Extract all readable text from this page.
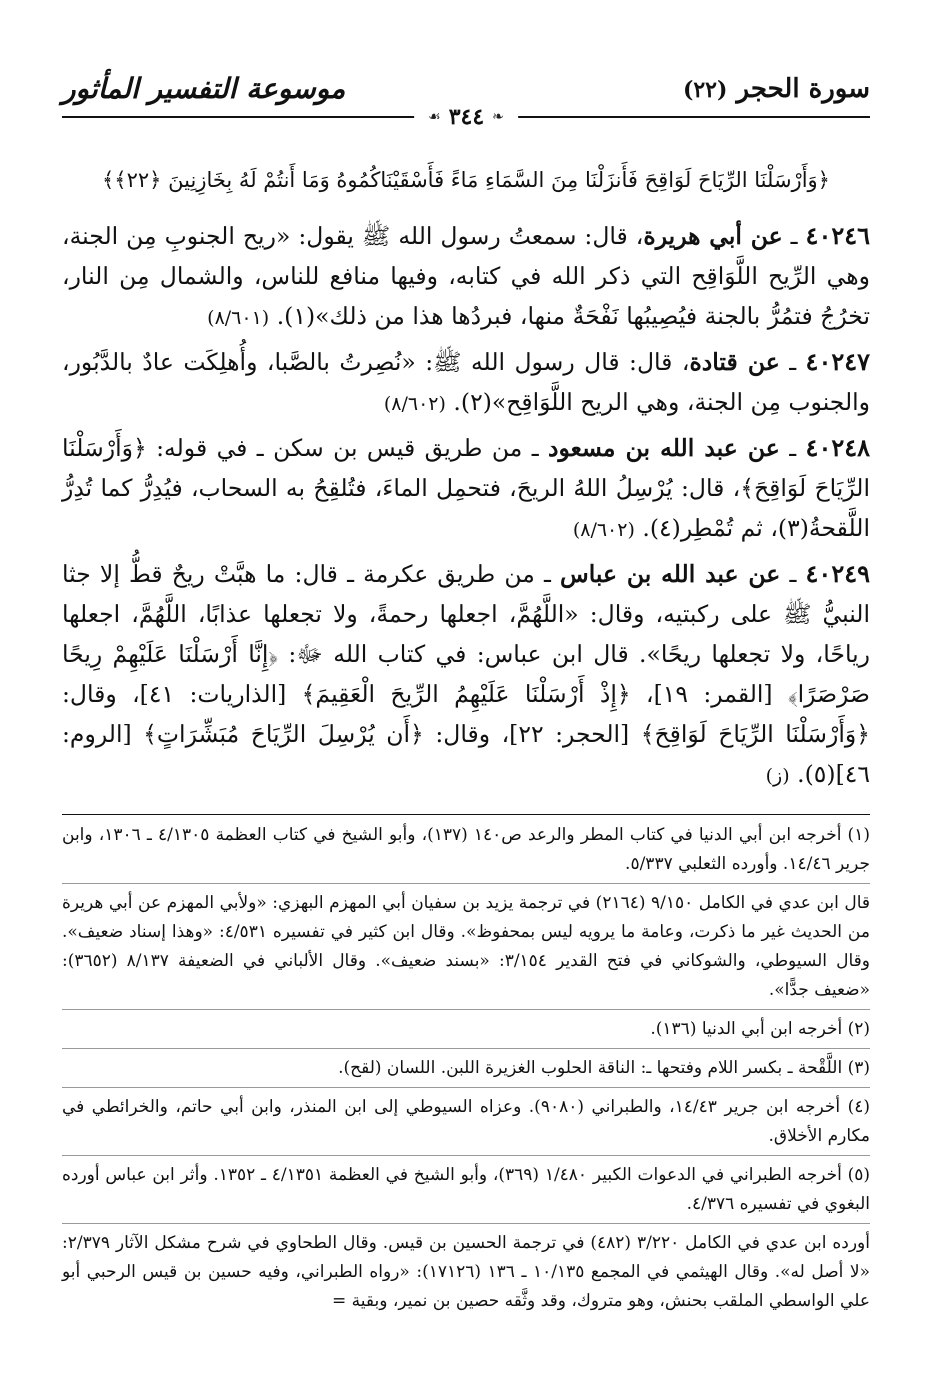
سورة الحجر (٢٢)
موسوعة التفسير المأثور
❧
٣٤٤
☙
﴿وَأَرْسَلْنَا الرِّيَاحَ لَوَاقِحَ فَأَنزَلْنَا مِنَ السَّمَاءِ مَاءً فَأَسْقَيْنَاكُمُوهُ وَمَا أَنتُمْ لَهُ بِخَازِنِينَ ﴿٢٢﴾﴾
٤٠٢٤٦ ـ عن أبي هريرة، قال: سمعتُ رسول الله ﷺ يقول: «ريح الجنوبِ مِن الجنة، وهي الرِّيح اللَّوَاقِح التي ذكر الله في كتابه، وفيها منافع للناس، والشمال مِن النار، تخرُجُ فتمُرُّ بالجنة فيُصِيبُها نَفْحَةٌ منها، فبردُها هذا من ذلك»(١). (٨/٦٠١)
٤٠٢٤٧ ـ عن قتادة، قال: قال رسول الله ﷺ: «نُصِرتُ بالصَّبا، وأُهلِكَت عادٌ بالدَّبُور، والجنوب مِن الجنة، وهي الريح اللَّوَاقِح»(٢). (٨/٦٠٢)
٤٠٢٤٨ ـ عن عبد الله بن مسعود ـ من طريق قيس بن سكن ـ في قوله: ﴿وَأَرْسَلْنَا الرِّيَاحَ لَوَاقِحَ﴾، قال: يُرْسِلُ اللهُ الريحَ، فتحمِل الماءَ، فتُلقِحُ به السحاب، فيُدِرُّ كما تُدِرُّ اللَّقحةُ(٣)، ثم تُمْطِر(٤). (٨/٦٠٢)
٤٠٢٤٩ ـ عن عبد الله بن عباس ـ من طريق عكرمة ـ قال: ما هبَّتْ ريحٌ قطُّ إلا جثا النبيُّ ﷺ على ركبتيه، وقال: «اللَّهُمَّ، اجعلها رحمةً، ولا تجعلها عذابًا، اللَّهُمَّ، اجعلها رياحًا، ولا تجعلها ريحًا». قال ابن عباس: في كتاب الله ﷻ: ﴿إِنَّا أَرْسَلْنَا عَلَيْهِمْ رِيحًا صَرْصَرًا﴾ [القمر: ١٩]، ﴿إِذْ أَرْسَلْنَا عَلَيْهِمُ الرِّيحَ الْعَقِيمَ﴾ [الذاريات: ٤١]، وقال: ﴿وَأَرْسَلْنَا الرِّيَاحَ لَوَاقِحَ﴾ [الحجر: ٢٢]، وقال: ﴿أَن يُرْسِلَ الرِّيَاحَ مُبَشِّرَاتٍ﴾ [الروم: ٤٦](٥). (ز)
(١) أخرجه ابن أبي الدنيا في كتاب المطر والرعد ص١٤٠ (١٣٧)، وأبو الشيخ في كتاب العظمة ٤/١٣٠٥ ـ ١٣٠٦، وابن جرير ١٤/٤٦. وأورده الثعلبي ٥/٣٣٧.
قال ابن عدي في الكامل ٩/١٥٠ (٢١٦٤) في ترجمة يزيد بن سفيان أبي المهزم البهزي: «ولأبي المهزم عن أبي هريرة من الحديث غير ما ذكرت، وعامة ما يرويه ليس بمحفوظ». وقال ابن كثير في تفسيره ٤/٥٣١: «وهذا إسناد ضعيف». وقال السيوطي، والشوكاني في فتح القدير ٣/١٥٤: «بسند ضعيف». وقال الألباني في الضعيفة ٨/١٣٧ (٣٦٥٢): «ضعيف جدًّا».
(٢) أخرجه ابن أبي الدنيا (١٣٦).
(٣) اللَّقْحة ـ بكسر اللام وفتحها ـ: الناقة الحلوب الغزيرة اللبن. اللسان (لقح).
(٤) أخرجه ابن جرير ١٤/٤٣، والطبراني (٩٠٨٠). وعزاه السيوطي إلى ابن المنذر، وابن أبي حاتم، والخرائطي في مكارم الأخلاق.
(٥) أخرجه الطبراني في الدعوات الكبير ١/٤٨٠ (٣٦٩)، وأبو الشيخ في العظمة ٤/١٣٥١ ـ ١٣٥٢. وأثر ابن عباس أورده البغوي في تفسيره ٤/٣٧٦.
أورده ابن عدي في الكامل ٣/٢٢٠ (٤٨٢) في ترجمة الحسين بن قيس. وقال الطحاوي في شرح مشكل الآثار ٢/٣٧٩: «لا أصل له». وقال الهيثمي في المجمع ١٠/١٣٥ ـ ١٣٦ (١٧١٢٦): «رواه الطبراني، وفيه حسين بن قيس الرحبي أبو علي الواسطي الملقب بحنش، وهو متروك، وقد وثَّقه حصين بن نمير، وبقية =
